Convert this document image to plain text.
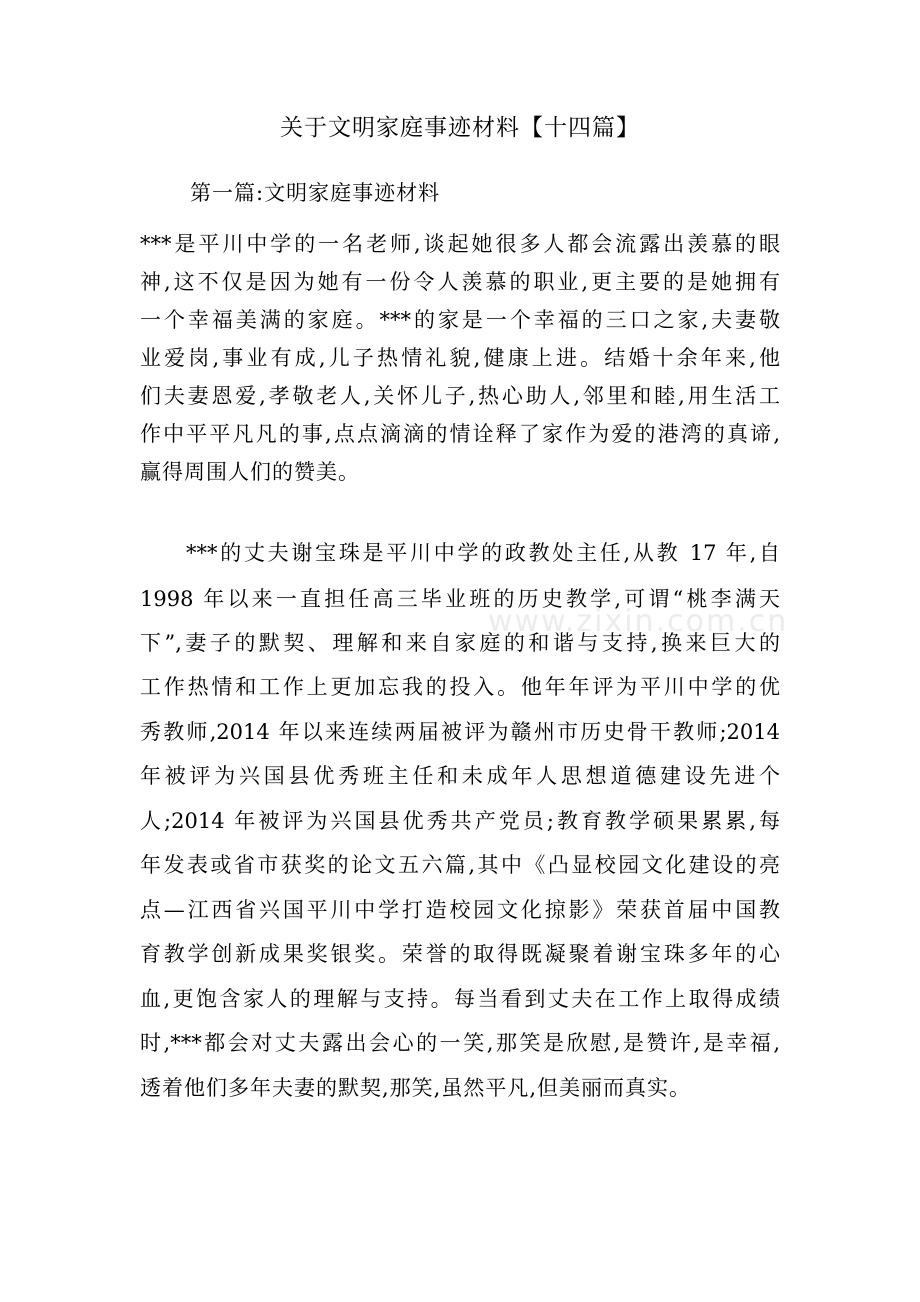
关于文明家庭事迹材料【十四篇】
第一篇:文明家庭事迹材料
***是平川中学的一名老师,谈起她很多人都会流露出羡慕的眼
神,这不仅是因为她有一份令人羡慕的职业,更主要的是她拥有
一个幸福美满的家庭。***的家是一个幸福的三口之家,夫妻敬
业爱岗,事业有成,儿子热情礼貌,健康上进。结婚十余年来,他
们夫妻恩爱,孝敬老人,关怀儿子,热心助人,邻里和睦,用生活工
作中平平凡凡的事,点点滴滴的情诠释了家作为爱的港湾的真谛,
赢得周围人们的赞美。
***的丈夫谢宝珠是平川中学的政教处主任,从教 17 年,自
1998 年以来一直担任高三毕业班的历史教学,可谓“桃李满天
下”,妻子的默契、理解和来自家庭的和谐与支持,换来巨大的
工作热情和工作上更加忘我的投入。他年年评为平川中学的优
秀教师,2014 年以来连续两届被评为赣州市历史骨干教师;2014
年被评为兴国县优秀班主任和未成年人思想道德建设先进个
人;2014 年被评为兴国县优秀共产党员;教育教学硕果累累,每
年发表或省市获奖的论文五六篇,其中《凸显校园文化建设的亮
点—江西省兴国平川中学打造校园文化掠影》荣获首届中国教
育教学创新成果奖银奖。荣誉的取得既凝聚着谢宝珠多年的心
血,更饱含家人的理解与支持。每当看到丈夫在工作上取得成绩
时,***都会对丈夫露出会心的一笑,那笑是欣慰,是赞许,是幸福,
透着他们多年夫妻的默契,那笑,虽然平凡,但美丽而真实。
www.zixin.com.cn
